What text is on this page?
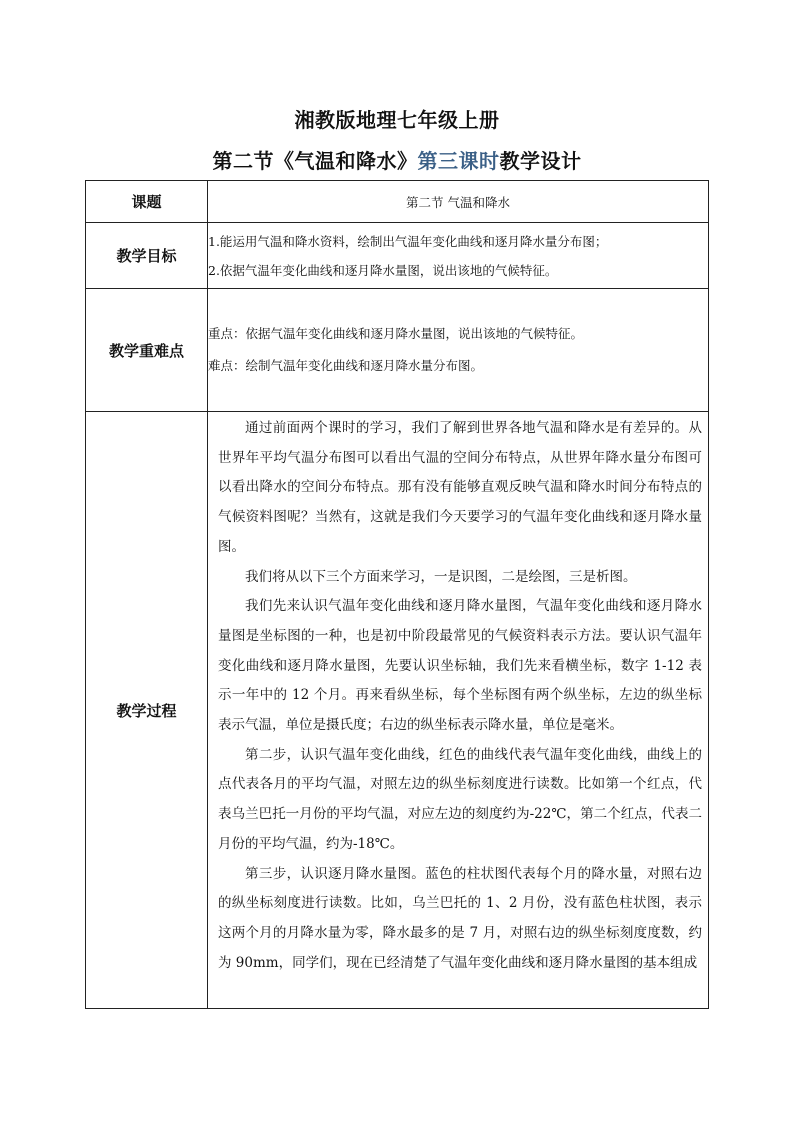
湘教版地理七年级上册
第二节《气温和降水》第三课时教学设计
课题	第二节 气温和降水
教学目标	1.能运用气温和降水资料，绘制出气温年变化曲线和逐月降水量分布图；
2.依据气温年变化曲线和逐月降水量图，说出该地的气候特征。

教学重难点	重点：依据气温年变化曲线和逐月降水量图，说出该地的气候特征。
难点：绘制气温年变化曲线和逐月降水量分布图。

教学过程	通过前面两个课时的学习，我们了解到世界各地气温和降水是有差异的。从世界年平均气温分布图可以看出气温的空间分布特点，从世界年降水量分布图可以看出降水的空间分布特点。那有没有能够直观反映气温和降水时间分布特点的气候资料图呢？当然有，这就是我们今天要学习的气温年变化曲线和逐月降水量图。

我们将从以下三个方面来学习，一是识图，二是绘图，三是析图。

我们先来认识气温年变化曲线和逐月降水量图，气温年变化曲线和逐月降水量图是坐标图的一种，也是初中阶段最常见的气候资料表示方法。要认识气温年变化曲线和逐月降水量图，先要认识坐标轴，我们先来看横坐标，数字 1-12 表示一年中的 12 个月。再来看纵坐标，每个坐标图有两个纵坐标，左边的纵坐标表示气温，单位是摄氏度；右边的纵坐标表示降水量，单位是毫米。

第二步，认识气温年变化曲线，红色的曲线代表气温年变化曲线，曲线上的点代表各月的平均气温，对照左边的纵坐标刻度进行读数。比如第一个红点，代表乌兰巴托一月份的平均气温，对应左边的刻度约为-22℃，第二个红点，代表二月份的平均气温，约为-18℃。

第三步，认识逐月降水量图。蓝色的柱状图代表每个月的降水量，对照右边的纵坐标刻度进行读数。比如，乌兰巴托的 1、2 月份，没有蓝色柱状图，表示这两个月的月降水量为零，降水最多的是 7 月，对照右边的纵坐标刻度度数，约为 90mm，同学们，现在已经清楚了气温年变化曲线和逐月降水量图的基本组成
